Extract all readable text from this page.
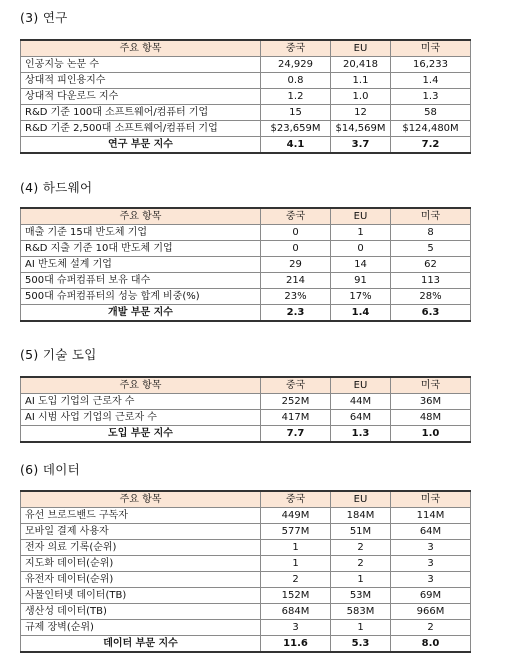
(3) 연구
주요 항목	중국	EU	미국
인공지능 논문 수	24,929	20,418	16,233
상대적 피인용지수	0.8	1.1	1.4
상대적 다운로드 지수	1.2	1.0	1.3
R&D 기준 100대 소프트웨어/컴퓨터 기업	15	12	58
R&D 기준 2,500대 소프트웨어/컴퓨터 기업	$23,659M	$14,569M	$124,480M
연구 부문 지수	4.1	3.7	7.2
(4) 하드웨어
주요 항목	중국	EU	미국
매출 기준 15대 반도체 기업	0	1	8
R&D 지출 기준 10대 반도체 기업	0	0	5
AI 반도체 설계 기업	29	14	62
500대 슈퍼컴퓨터 보유 대수	214	91	113
500대 슈퍼컴퓨터의 성능 합계 비중(%)	23%	17%	28%
개발 부문 지수	2.3	1.4	6.3
(5) 기술 도입
주요 항목	중국	EU	미국
AI 도입 기업의 근로자 수	252M	44M	36M
AI 시범 사업 기업의 근로자 수	417M	64M	48M
도입 부문 지수	7.7	1.3	1.0
(6) 데이터
주요 항목	중국	EU	미국
유선 브로드밴드 구독자	449M	184M	114M
모바일 결제 사용자	577M	51M	64M
전자 의료 기록(순위)	1	2	3
지도화 데이터(순위)	1	2	3
유전자 데이터(순위)	2	1	3
사물인터넷 데이터(TB)	152M	53M	69M
생산성 데이터(TB)	684M	583M	966M
규제 장벽(순위)	3	1	2
데이터 부문 지수	11.6	5.3	8.0
